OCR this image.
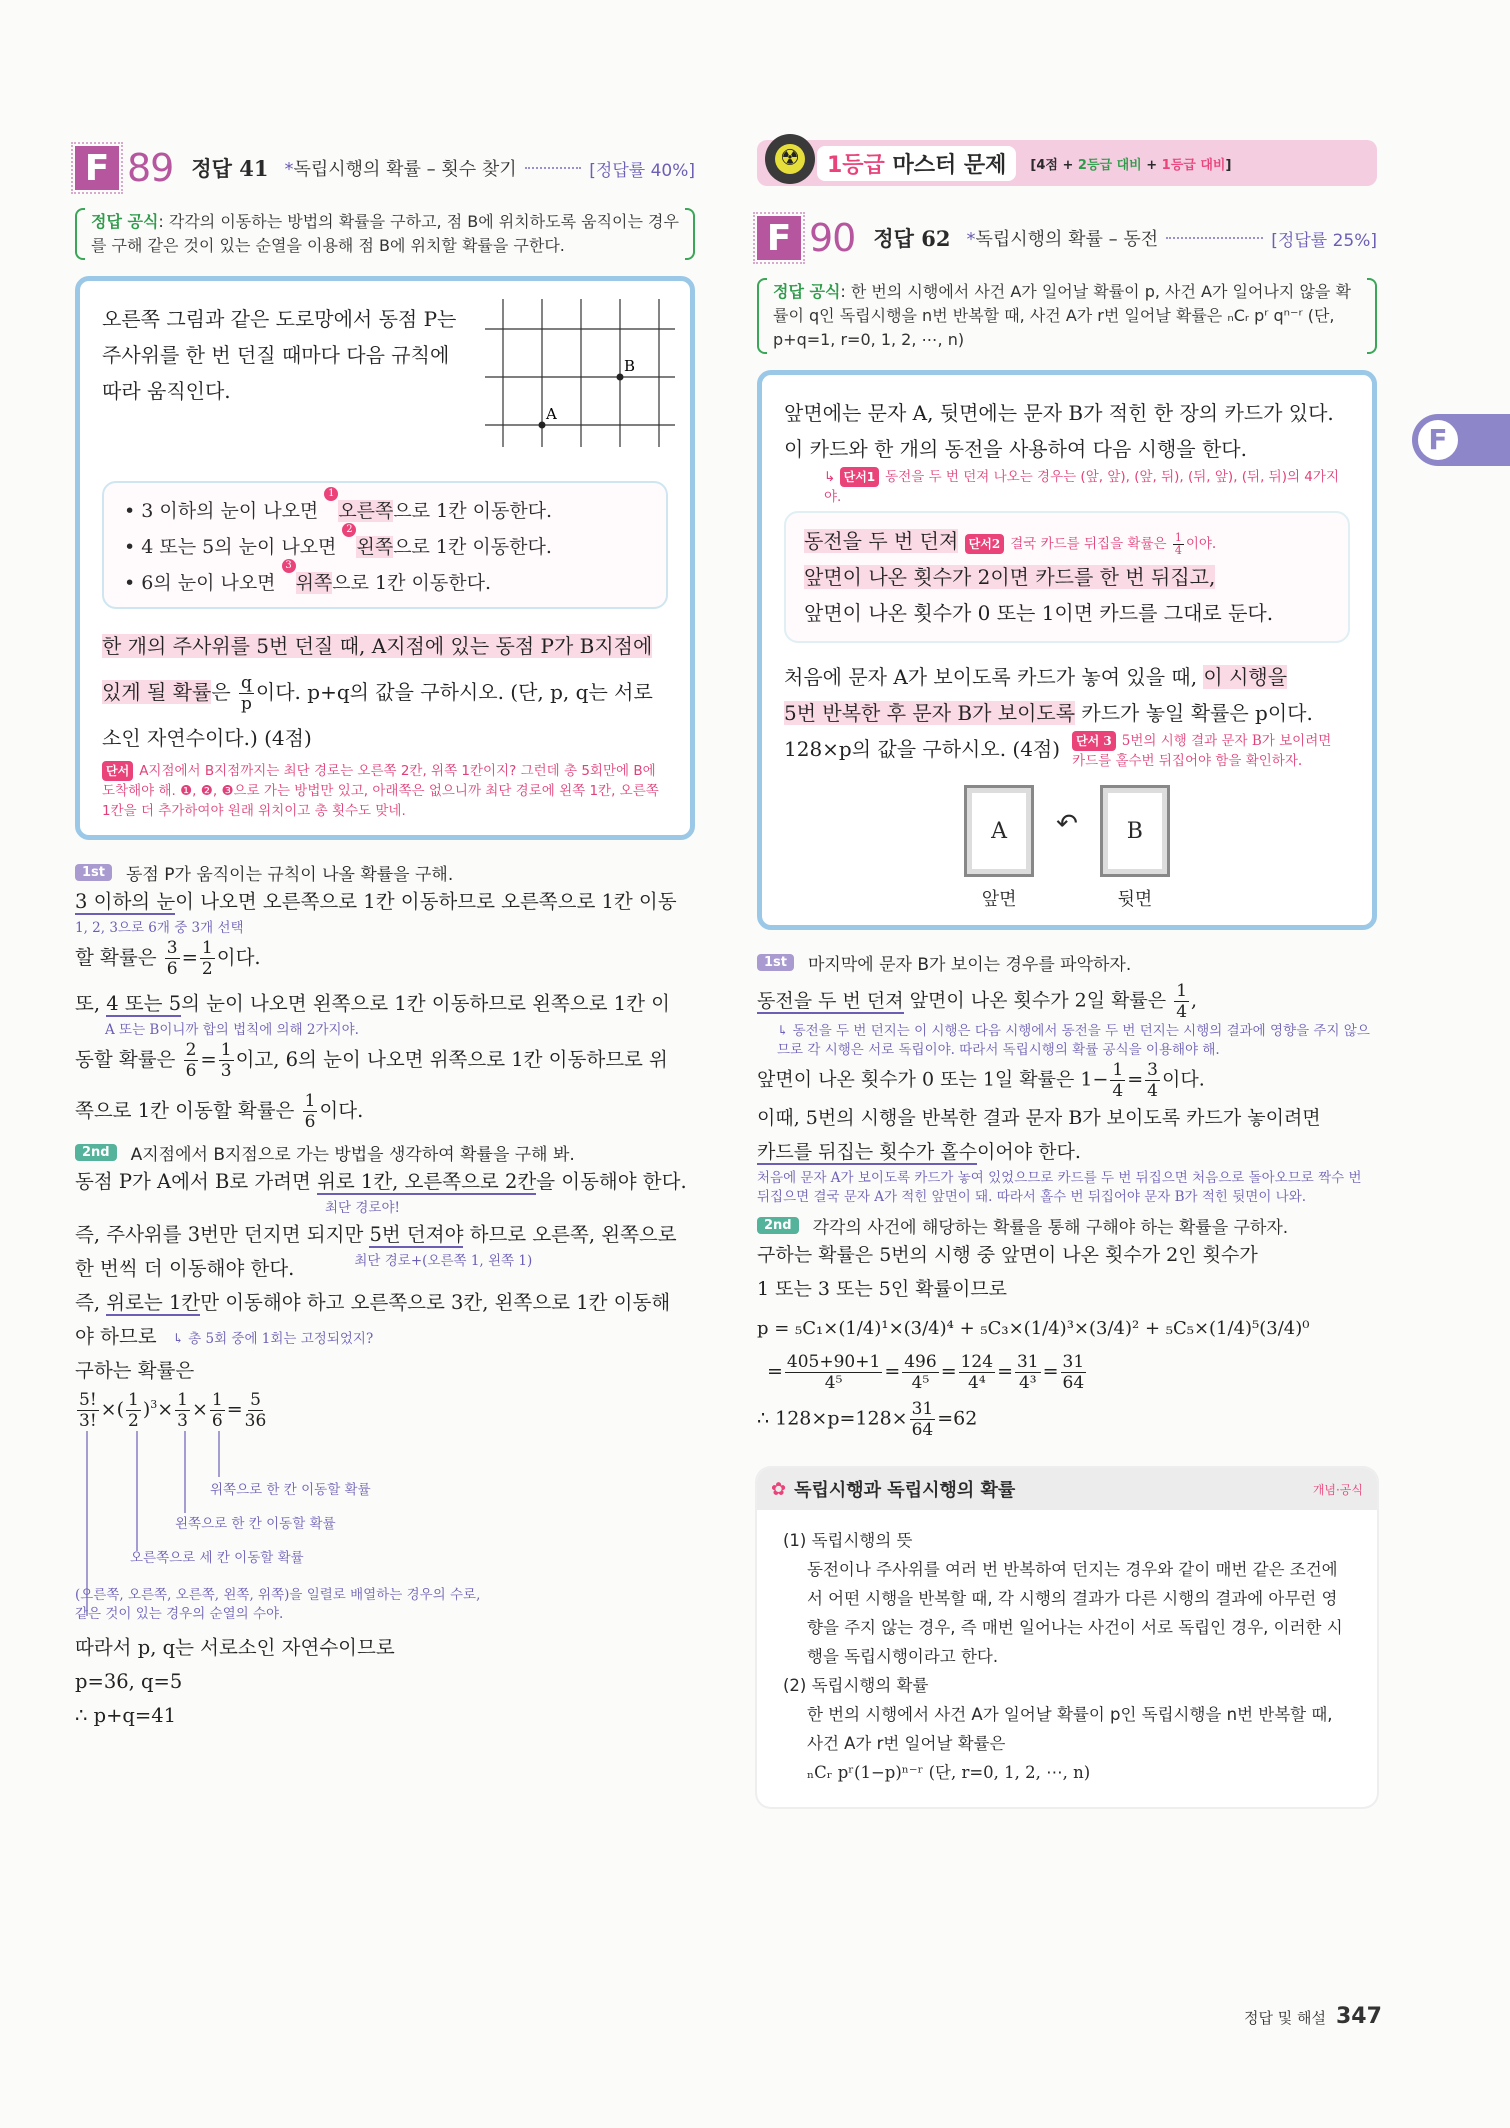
F
F 89 정답 41 *독립시행의 확률 – 횟수 찾기	[정답률 40%]
정답 공식: 각각의 이동하는 방법의 확률을 구하고, 점 B에 위치하도록 움직이는 경우를 구해 같은 것이 있는 순열을 이용해 점 B에 위치할 확률을 구한다.
오른쪽 그림과 같은 도로망에서 동점 P는 주사위를 한 번 던질 때마다 다음 규칙에 따라 움직인다.
A
B
• 3 이하의 눈이 나오면 1오른쪽으로 1칸 이동한다.
• 4 또는 5의 눈이 나오면 2왼쪽으로 1칸 이동한다.
• 6의 눈이 나오면 3위쪽으로 1칸 이동한다.
한 개의 주사위를 5번 던질 때, A지점에 있는 동점 P가 B지점에 있게 될 확률은 $\frac{q}{p}$ 이다. p+q의 값을 구하시오. (단, p, q는 서로소인 자연수이다.) (4점)
단서 A지점에서 B지점까지는 최단 경로는 오른쪽 2칸, 위쪽 1칸이지? 그런데 총 5회만에 B에 도착해야 해. ❶, ❷, ❸으로 가는 방법만 있고, 아래쪽은 없으니까 최단 경로에 왼쪽 1칸, 오른쪽 1칸을 더 추가하여야 원래 위치이고 총 횟수도 맞네.
1st	동점 P가 움직이는 규칙이 나올 확률을 구해.
3 이하의 눈이 나오면 오른쪽으로 1칸 이동하므로 오른쪽으로 1칸 이동
1, 2, 3으로 6개 중 3개 선택
할 확률은 $\frac{3}{6} = \frac{1}{2}$ 이다.
또, 4 또는 5의 눈이 나오면 왼쪽으로 1칸 이동하므로 왼쪽으로 1칸 이
A 또는 B이니까 합의 법칙에 의해 2가지야.
동할 확률은 $\frac{2}{6} = \frac{1}{3}$ 이고, 6의 눈이 나오면 위쪽으로 1칸 이동하므로 위
쪽으로 1칸 이동할 확률은 $\frac{1}{6}$ 이다.
2nd	A지점에서 B지점으로 가는 방법을 생각하여 확률을 구해 봐.
동점 P가 A에서 B로 가려면 위로 1칸, 오른쪽으로 2칸을 이동해야 한다.
최단 경로야!
즉, 주사위를 3번만 던지면 되지만 5번 던져야 하므로 오른쪽, 왼쪽으로
한 번씩 더 이동해야 한다.	최단 경로+(오른쪽 1, 왼쪽 1)
즉, 위로는 1칸만 이동해야 하고 오른쪽으로 3칸, 왼쪽으로 1칸 이동해
야 하므로 ↳ 총 5회 중에 1회는 고정되었지?
구하는 확률은
$\frac{5!}{3!}$ ×( $\frac{1}{2} )^3\times \frac{1}{3} \times \frac{1}{6} = \frac{5}{36}$
위쪽으로 한 칸 이동할 확률
왼쪽으로 한 칸 이동할 확률
오른쪽으로 세 칸 이동할 확률
(오른쪽, 오른쪽, 오른쪽, 왼쪽, 위쪽)을 일렬로 배열하는 경우의 수로, 같은 것이 있는 경우의 순열의 수야.
따라서 p, q는 서로소인 자연수이므로
p=36, q=5
∴ p+q=41
☢	1등급 마스터 문제	[4점 + 2등급 대비 + 1등급 대비]
F 90 정답 62 *독립시행의 확률 – 동전	[정답률 25%]
정답 공식: 한 번의 시행에서 사건 A가 일어날 확률이 p, 사건 A가 일어나지 않을 확률이 q인 독립시행을 n번 반복할 때, 사건 A가 r번 일어날 확률은 ₙCᵣ pʳ qⁿ⁻ʳ (단, p+q=1, r=0, 1, 2, ⋯, n)
앞면에는 문자 A, 뒷면에는 문자 B가 적힌 한 장의 카드가 있다. 이 카드와 한 개의 동전을 사용하여 다음 시행을 한다.
↳ 단서1 동전을 두 번 던져 나오는 경우는 (앞, 앞), (앞, 뒤), (뒤, 앞), (뒤, 뒤)의 4가지야.
동전을 두 번 던져 단서2 결국 카드를 뒤집을 확률은 $\frac{1}{4}$ 이야.
앞면이 나온 횟수가 2이면 카드를 한 번 뒤집고,
앞면이 나온 횟수가 0 또는 1이면 카드를 그대로 둔다.
처음에 문자 A가 보이도록 카드가 놓여 있을 때, 이 시행을
5번 반복한 후 문자 B가 보이도록 카드가 놓일 확률은 p이다.
128×p의 값을 구하시오. (4점)	단서 3 5번의 시행 결과 문자 B가 보이려면 카드를 홀수번 뒤집어야 함을 확인하자.
A
앞면
↶	B
뒷면
1st	마지막에 문자 B가 보이는 경우를 파악하자.
동전을 두 번 던져 앞면이 나온 횟수가 2일 확률은 $\frac{1}{4}$ ,
↳ 동전을 두 번 던지는 이 시행은 다음 시행에서 동전을 두 번 던지는 시행의 결과에 영향을 주지 않으므로 각 시행은 서로 독립이야. 따라서 독립시행의 확률 공식을 이용해야 해.
앞면이 나온 횟수가 0 또는 1일 확률은 $1- \frac{1}{4} = \frac{3}{4}$ 이다.
이때, 5번의 시행을 반복한 결과 문자 B가 보이도록 카드가 놓이려면
카드를 뒤집는 횟수가 홀수이어야 한다.
처음에 문자 A가 보이도록 카드가 놓여 있었으므로 카드를 두 번 뒤집으면 처음으로 돌아오므로 짝수 번 뒤집으면 결국 문자 A가 적힌 앞면이 돼. 따라서 홀수 번 뒤집어야 문자 B가 적힌 뒷면이 나와.
2nd	각각의 사건에 해당하는 확률을 통해 구해야 하는 확률을 구하자.
구하는 확률은 5번의 시행 중 앞면이 나온 횟수가 2인 횟수가
1 또는 3 또는 5인 확률이므로
p = ₅C₁×(1/4)¹×(3/4)⁴ + ₅C₃×(1/4)³×(3/4)² + ₅C₅×(1/4)⁵(3/4)⁰
= $\frac{405+90+1}{\text{4⁵}} = \frac{496}{\text{4⁵}} = \frac{124}{\text{4⁴}} = \frac{31}{\text{4³}} = \frac{31}{64}$
∴ $128\times p=128\times \frac{31}{64} =62$
✿ 독립시행과 독립시행의 확률	개념·공식
(1) 독립시행의 뜻
동전이나 주사위를 여러 번 반복하여 던지는 경우와 같이 매번 같은 조건에서 어떤 시행을 반복할 때, 각 시행의 결과가 다른 시행의 결과에 아무런 영향을 주지 않는 경우, 즉 매번 일어나는 사건이 서로 독립인 경우, 이러한 시행을 독립시행이라고 한다.
(2) 독립시행의 확률
한 번의 시행에서 사건 A가 일어날 확률이 p인 독립시행을 n번 반복할 때, 사건 A가 r번 일어날 확률은
ₙCᵣ pʳ(1−p)ⁿ⁻ʳ (단, r=0, 1, 2, ⋯, n)
정답 및 해설 347
